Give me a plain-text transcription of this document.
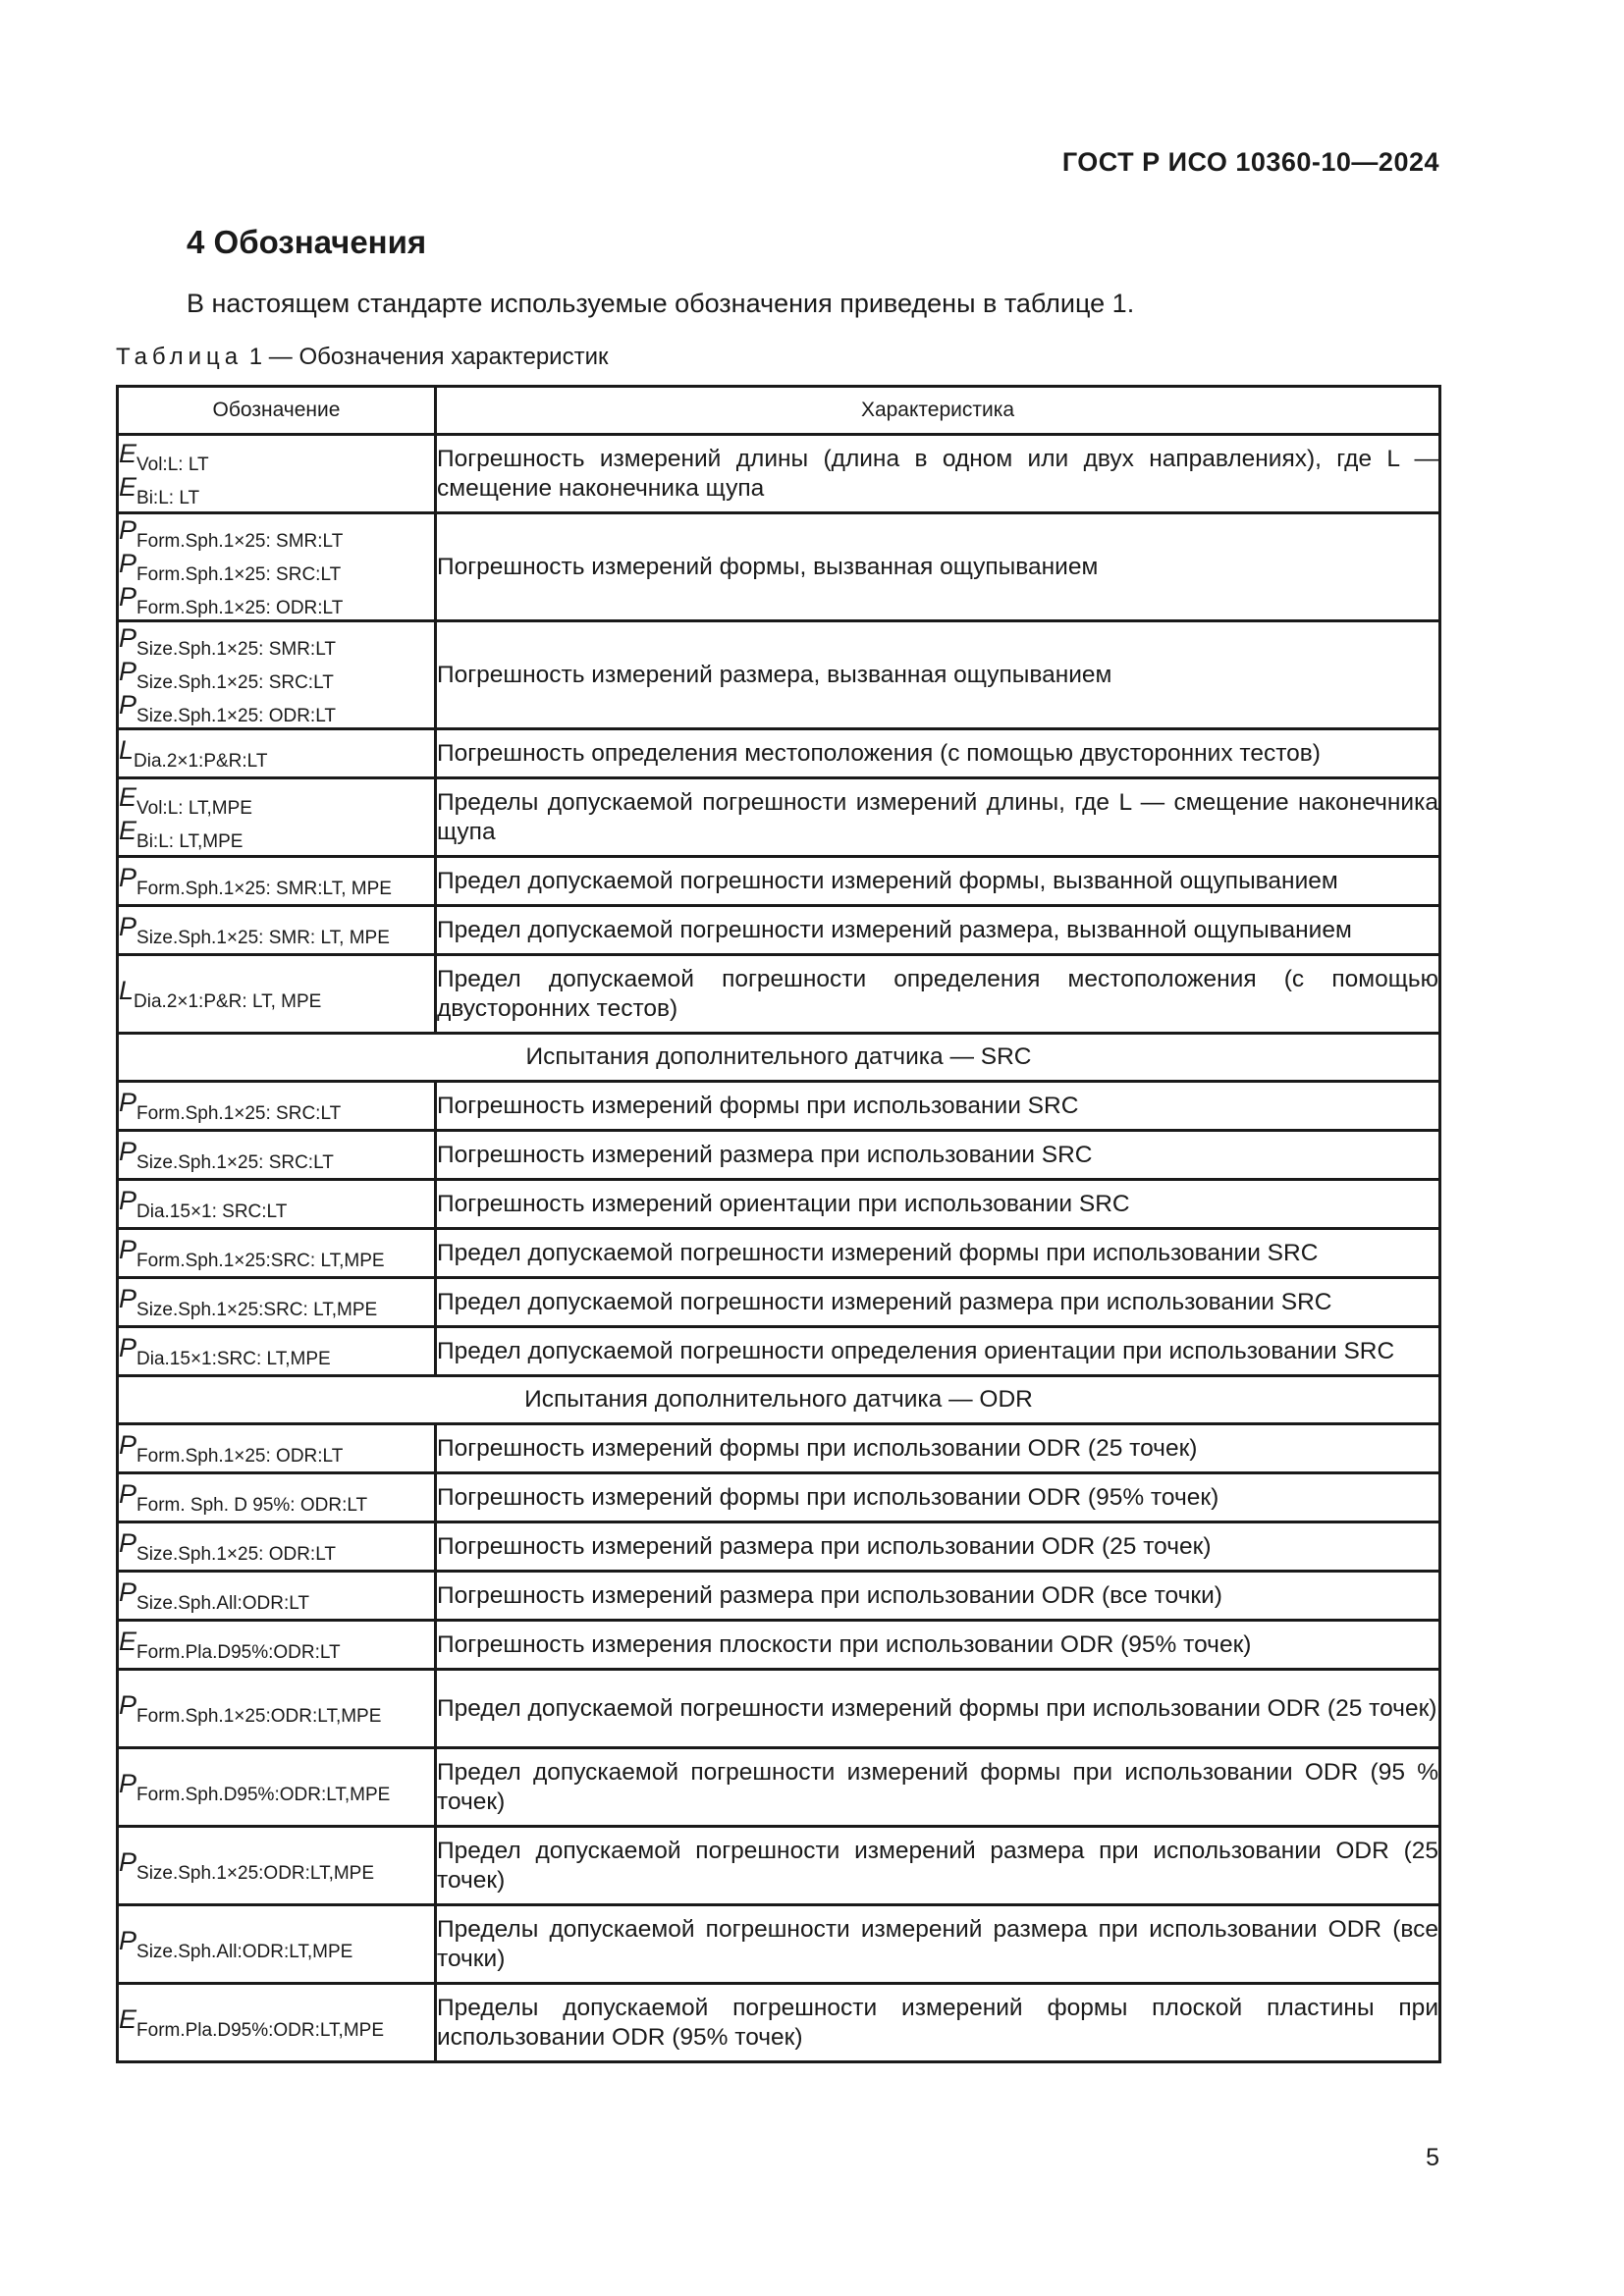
ГОСТ Р ИСО 10360-10—2024
4 Обозначения
В настоящем стандарте используемые обозначения приведены в таблице 1.
Таблица 1 — Обозначения характеристик
Обозначение	Характеристика

$E_{Vol:L: LT}$
$E_{Bi:L: LT}$	Погрешность измерений длины (длина в одном или двух направлениях), где L — смещение наконечника щупа

$P_{Form.Sph.1\times 25: SMR:LT}$
$P_{Form.Sph.1\times 25: SRC:LT}$
$P_{Form.Sph.1\times 25: ODR:LT}$	Погрешность измерений формы, вызванная ощупыванием

$P_{Size.Sph.1\times 25: SMR:LT}$
$P_{Size.Sph.1\times 25: SRC:LT}$
$P_{Size.Sph.1\times 25: ODR:LT}$	Погрешность измерений размера, вызванная ощупыванием

$L_{Dia.2\times 1:P\&R:LT}$	Погрешность определения местоположения (с помощью двусторонних тестов)

$E_{Vol:L: LT,MPE}$
$E_{Bi:L: LT,MPE}$	Пределы допускаемой погрешности измерений длины, где L — смещение наконечника щупа

$P_{Form.Sph.1\times 25: SMR:LT, MPE}$	Предел допускаемой погрешности измерений формы, вызванной ощупыванием

$P_{Size.Sph.1\times 25: SMR: LT, MPE}$	Предел допускаемой погрешности измерений размера, вызванной ощупыванием

$L_{Dia.2\times 1:P\&R: LT, MPE}$	Предел допускаемой погрешности определения местоположения (с помощью двусторонних тестов)
Испытания дополнительного датчика — SRC	

$P_{Form.Sph.1\times 25: SRC:LT}$	Погрешность измерений формы при использовании SRC

$P_{Size.Sph.1\times 25: SRC:LT}$	Погрешность измерений размера при использовании SRC

$P_{Dia.15\times 1: SRC:LT}$	Погрешность измерений ориентации при использовании SRC

$P_{Form.Sph.1\times 25:SRC: LT,MPE}$	Предел допускаемой погрешности измерений формы при использовании SRC

$P_{Size.Sph.1\times 25:SRC: LT,MPE}$	Предел допускаемой погрешности измерений размера при использовании SRC

$P_{Dia.15\times 1:SRC: LT,MPE}$	Предел допускаемой погрешности определения ориентации при использовании SRC
Испытания дополнительного датчика — ODR	

$P_{Form.Sph.1\times 25: ODR:LT}$	Погрешность измерений формы при использовании ODR (25 точек)

$P_{Form. Sph. D 95\%: ODR:LT}$	Погрешность измерений формы при использовании ODR (95% точек)

$P_{Size.Sph.1\times 25: ODR:LT}$	Погрешность измерений размера при использовании ODR (25 точек)

$P_{Size.Sph.All:ODR:LT}$	Погрешность измерений размера при использовании ODR (все точки)

$E_{Form.Pla.D95\%:ODR:LT}$	Погрешность измерения плоскости при использовании ODR (95% точек)

$P_{Form.Sph.1\times 25:ODR:LT,MPE}$	Предел допускаемой погрешности измерений формы при использовании ODR (25 точек)

$P_{Form.Sph.D95\%:ODR:LT,MPE}$	Предел допускаемой погрешности измерений формы при использовании ODR (95 % точек)

$P_{Size.Sph.1\times 25:ODR:LT,MPE}$	Предел допускаемой погрешности измерений размера при использовании ODR (25 точек)

$P_{Size.Sph.All:ODR:LT,MPE}$	Пределы допускаемой погрешности измерений размера при использовании ODR (все точки)

$E_{Form.Pla.D95\%:ODR:LT,MPE}$	Пределы допускаемой погрешности измерений формы плоской пластины при использовании ODR (95% точек)
5
